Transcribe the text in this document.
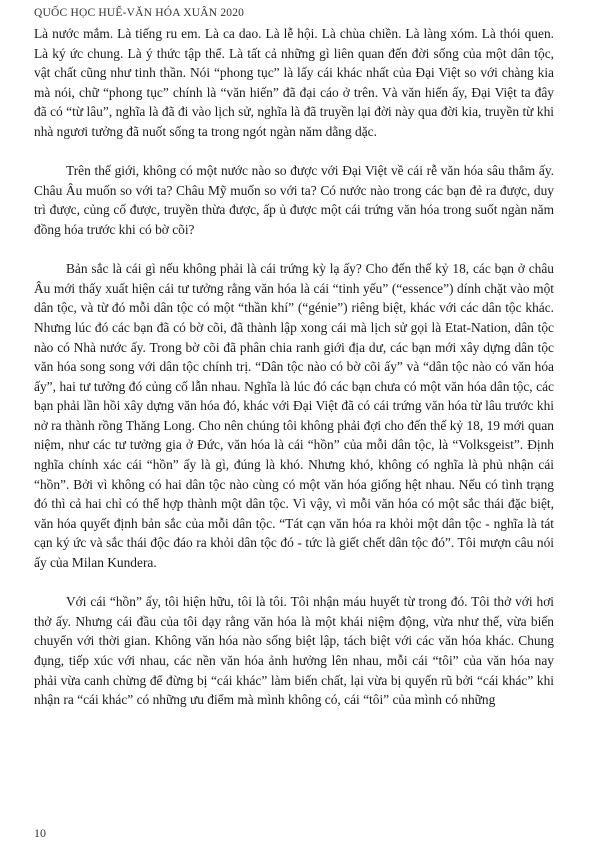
QUỐC HỌC HUẾ-VĂN HÓA XUÂN 2020

Là nước mắm. Là tiếng ru em. Là ca dao. Là lễ hội. Là chùa chiền. Là làng xóm. Là thói quen. Là ký ức chung. Là ý thức tập thể. Là tất cả những gì liên quan đến đời sống của một dân tộc, vật chất cũng như tinh thần. Nói “phong tục” là lấy cái khác nhất của Đại Việt so với chàng kia mà nói, chữ “phong tục” chính là “văn hiến” đã đại cáo ở trên. Và văn hiến ấy, Đại Việt ta đây đã có “từ lâu”, nghĩa là đã đi vào lịch sử, nghĩa là đã truyền lại đời này qua đời kia, truyền từ khi nhà ngươi tưởng đã nuốt sống ta trong ngót ngàn năm dằng dặc.

Trên thế giới, không có một nước nào so được với Đại Việt về cái rễ văn hóa sâu thẳm ấy. Châu Âu muốn so với ta? Châu Mỹ muốn so với ta? Có nước nào trong các bạn đẻ ra được, duy trì được, củng cố được, truyền thừa được, ấp ủ được một cái trứng văn hóa trong suốt ngàn năm đồng hóa trước khi có bờ cõi?

Bản sắc là cái gì nếu không phải là cái trứng kỳ lạ ấy? Cho đến thế kỷ 18, các bạn ở châu Âu mới thấy xuất hiện cái tư tưởng rằng văn hóa là cái “tinh yếu” (“essence”) dính chặt vào một dân tộc, và từ đó mỗi dân tộc có một “thần khí” (“génie”) riêng biệt, khác với các dân tộc khác. Nhưng lúc đó các bạn đã có bờ cõi, đã thành lập xong cái mà lịch sử gọi là Etat-Nation, dân tộc nào có Nhà nước ấy. Trong bờ cõi đã phân chia ranh giới địa dư, các bạn mới xây dựng dân tộc văn hóa song song với dân tộc chính trị. “Dân tộc nào có bờ cõi ấy” và “dân tộc nào có văn hóa ấy”, hai tư tưởng đó củng cố lẫn nhau. Nghĩa là lúc đó các bạn chưa có một văn hóa dân tộc, các bạn phải lần hồi xây dựng văn hóa đó, khác với Đại Việt đã có cái trứng văn hóa từ lâu trước khi nở ra thành rồng Thăng Long. Cho nên chúng tôi không phải đợi cho đến thế kỷ 18, 19 mới quan niệm, như các tư tưởng gia ở Đức, văn hóa là cái “hồn” của mỗi dân tộc, là “Volksgeist”. Định nghĩa chính xác cái “hồn” ấy là gì, đúng là khó. Nhưng khó, không có nghĩa là phủ nhận cái “hồn”. Bởi vì không có hai dân tộc nào cùng có một văn hóa giống hệt nhau. Nếu có tình trạng đó thì cả hai chỉ có thể hợp thành một dân tộc. Vì vậy, vì mỗi văn hóa có một sắc thái đặc biệt, văn hóa quyết định bản sắc của mỗi dân tộc. “Tát cạn văn hóa ra khỏi một dân tộc - nghĩa là tát cạn ký ức và sắc thái độc đáo ra khỏi dân tộc đó - tức là giết chết dân tộc đó”. Tôi mượn câu nói ấy của Milan Kundera.

Với cái “hồn” ấy, tôi hiện hữu, tôi là tôi. Tôi nhận máu huyết từ trong đó. Tôi thở với hơi thở ấy. Nhưng cái đầu của tôi dạy rằng văn hóa là một khái niệm động, vừa như thế, vừa biến chuyển với thời gian. Không văn hóa nào sống biệt lập, tách biệt với các văn hóa khác. Chung đụng, tiếp xúc với nhau, các nền văn hóa ảnh hưởng lên nhau, mỗi cái “tôi” của văn hóa nay phải vừa canh chừng để đừng bị “cái khác” làm biến chất, lại vừa bị quyến rũ bởi “cái khác” khi nhận ra “cái khác” có những ưu điểm mà mình không có, cái “tôi” của mình có những

10
